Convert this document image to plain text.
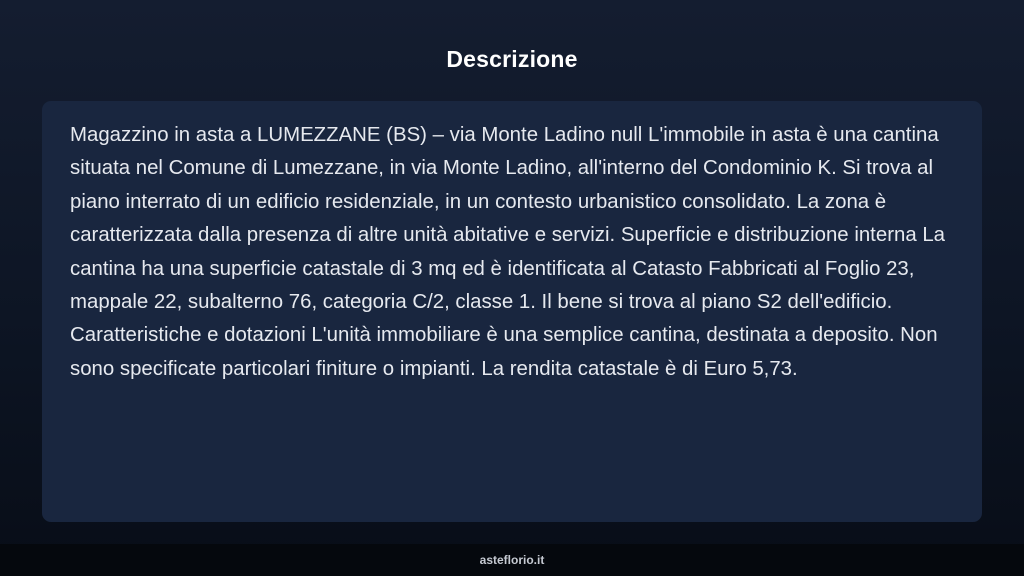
Descrizione

Magazzino in asta a LUMEZZANE (BS) – via Monte Ladino null L'immobile in asta è una cantina situata nel Comune di Lumezzane, in via Monte Ladino, all'interno del Condominio K. Si trova al piano interrato di un edificio residenziale, in un contesto urbanistico consolidato. La zona è caratterizzata dalla presenza di altre unità abitative e servizi. Superficie e distribuzione interna La cantina ha una superficie catastale di 3 mq ed è identificata al Catasto Fabbricati al Foglio 23, mappale 22, subalterno 76, categoria C/2, classe 1. Il bene si trova al piano S2 dell'edificio. Caratteristiche e dotazioni L'unità immobiliare è una semplice cantina, destinata a deposito. Non sono specificate particolari finiture o impianti. La rendita catastale è di Euro 5,73.

asteflorio.it
